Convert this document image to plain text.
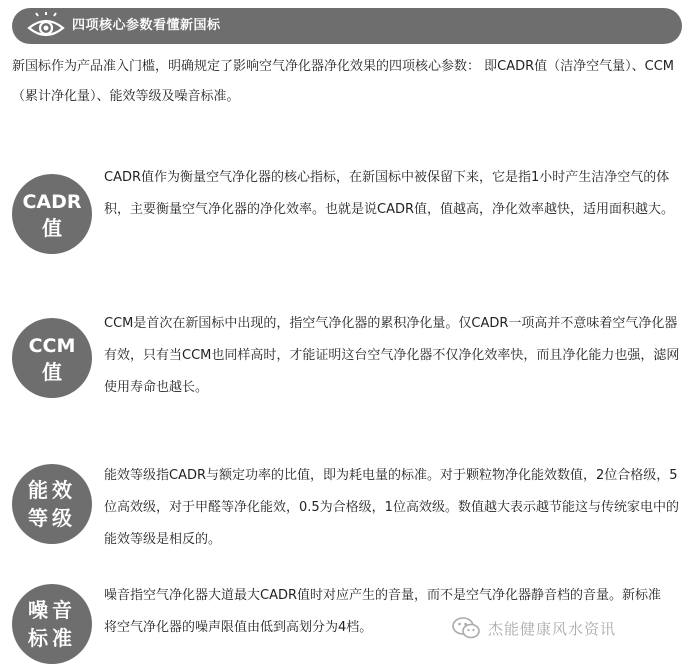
四项核心参数看懂新国标
新国标作为产品准入门槛，明确规定了影响空气净化器净化效果的四项核心参数： 即CADR值（洁净空气量）、CCM（累计净化量）、能效等级及噪音标准。
CADR
值
CADR值作为衡量空气净化器的核心指标，在新国标中被保留下来，它是指1小时产生洁净空气的体积，主要衡量空气净化器的净化效率。也就是说CADR值，值越高，净化效率越快，适用面积越大。
CCM
值
CCM是首次在新国标中出现的，指空气净化器的累积净化量。仅CADR一项高并不意味着空气净化器有效，只有当CCM也同样高时，才能证明这台空气净化器不仅净化效率快，而且净化能力也强，滤网使用寿命也越长。
能效
等级
能效等级指CADR与额定功率的比值，即为耗电量的标准。对于颗粒物净化能效数值，2位合格级，5位高效级，对于甲醛等净化能效，0.5为合格级，1位高效级。数值越大表示越节能这与传统家电中的能效等级是相反的。
噪音
标准
噪音指空气净化器大道最大CADR值时对应产生的音量，而不是空气净化器静音档的音量。新标准将空气净化器的噪声限值由低到高划分为4档。	杰能健康风水资讯
